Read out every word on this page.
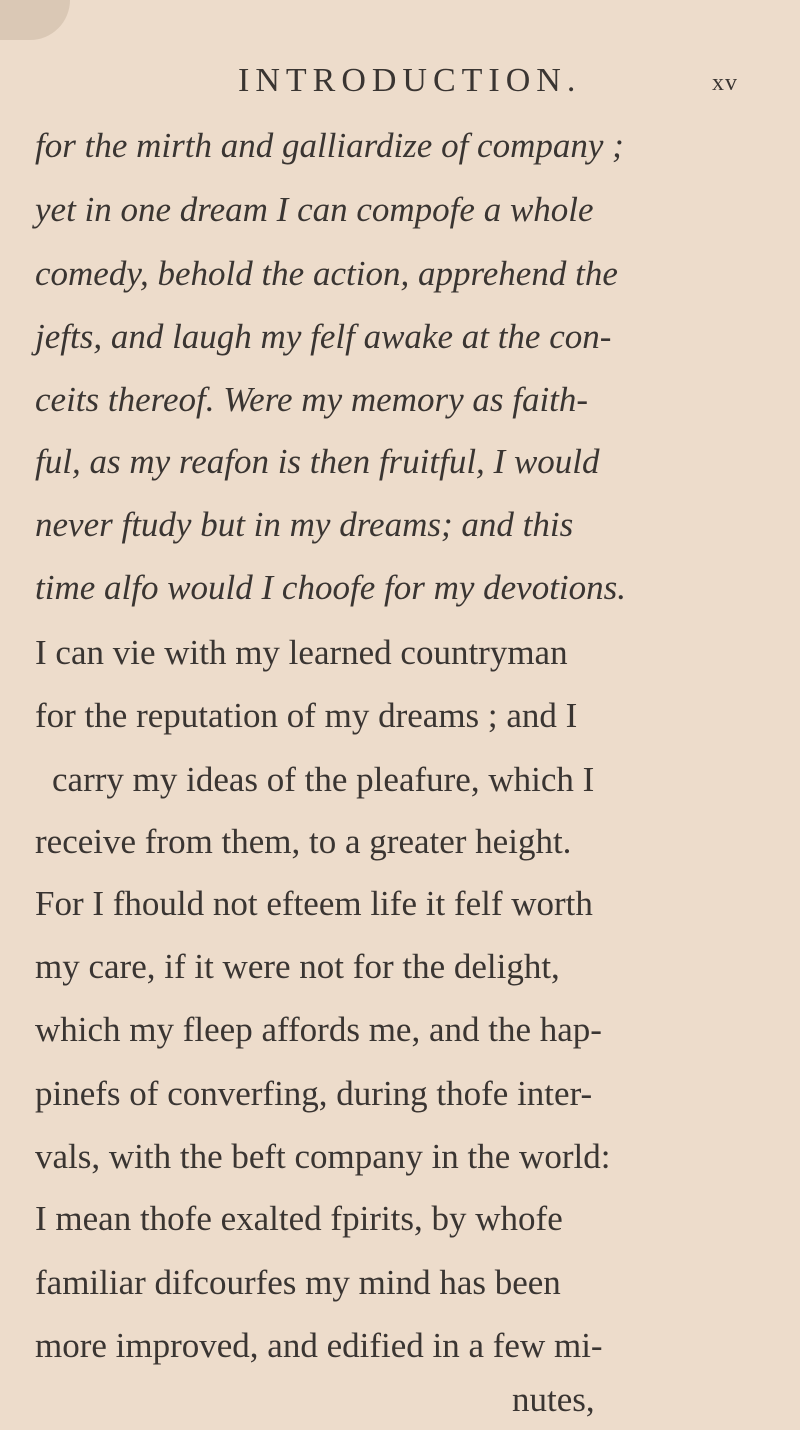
INTRODUCTION.	xv
for the mirth and galliardize of company ;
yet in one dream I can compofe a whole
comedy, behold the action, apprehend the
jefts, and laugh my felf awake at the con-
ceits thereof. Were my memory as faith-
ful, as my reafon is then fruitful, I would
never ftudy but in my dreams; and this
time alfo would I choofe for my devotions.
I can vie with my learned countryman
for the reputation of my dreams ; and I
carry my ideas of the pleafure, which I
receive from them, to a greater height.
For I fhould not efteem life it felf worth
my care, if it were not for the delight,
which my fleep affords me, and the hap-
pinefs of converfing, during thofe inter-
vals, with the beft company in the world:
I mean thofe exalted fpirits, by whofe
familiar difcourfes my mind has been
more improved, and edified in a few mi-
nutes,
